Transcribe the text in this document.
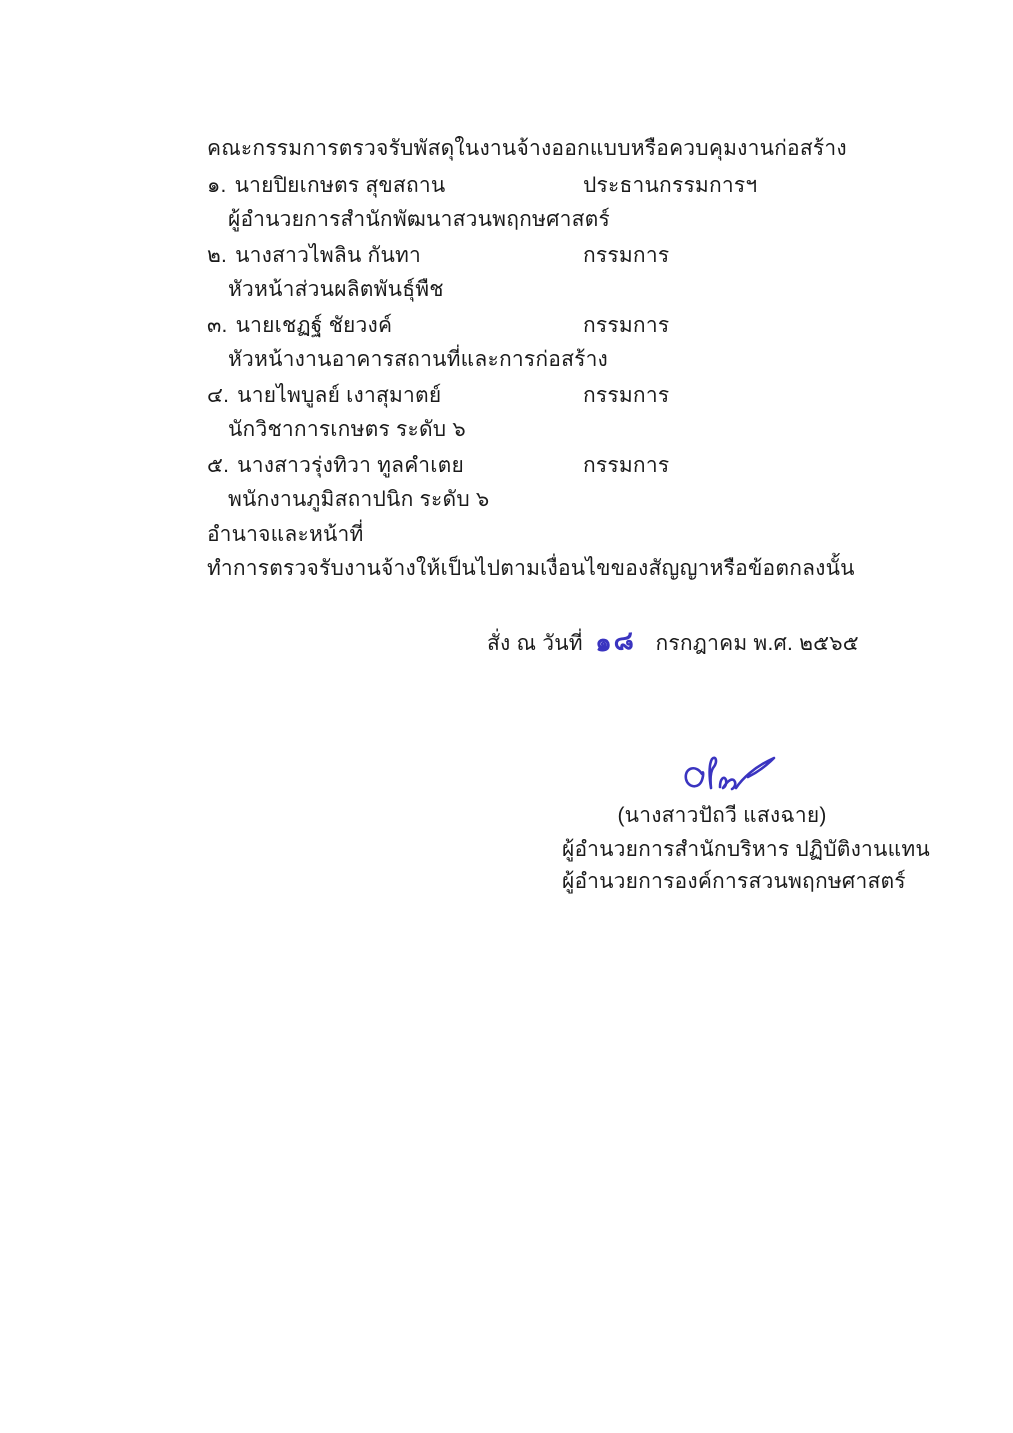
คณะกรรมการตรวจรับพัสดุในงานจ้างออกแบบหรือควบคุมงานก่อสร้าง
๑. นายปิยเกษตร สุขสถาน	ประธานกรรมการฯ
ผู้อำนวยการสำนักพัฒนาสวนพฤกษศาสตร์
๒. นางสาวไพลิน กันทา	กรรมการ
หัวหน้าส่วนผลิตพันธุ์พืช
๓. นายเชฏฐ์ ชัยวงค์	กรรมการ
หัวหน้างานอาคารสถานที่และการก่อสร้าง
๔. นายไพบูลย์ เงาสุมาตย์	กรรมการ
นักวิชาการเกษตร ระดับ ๖
๕. นางสาวรุ่งทิวา ทูลคำเตย	กรรมการ
พนักงานภูมิสถาปนิก ระดับ ๖
อำนาจและหน้าที่
ทำการตรวจรับงานจ้างให้เป็นไปตามเงื่อนไขของสัญญาหรือข้อตกลงนั้น
สั่ง ณ วันที่ ๑๘ กรกฎาคม พ.ศ. ๒๕๖๕
(นางสาวปัถวี แสงฉาย)
ผู้อำนวยการสำนักบริหาร ปฏิบัติงานแทน
ผู้อำนวยการองค์การสวนพฤกษศาสตร์
